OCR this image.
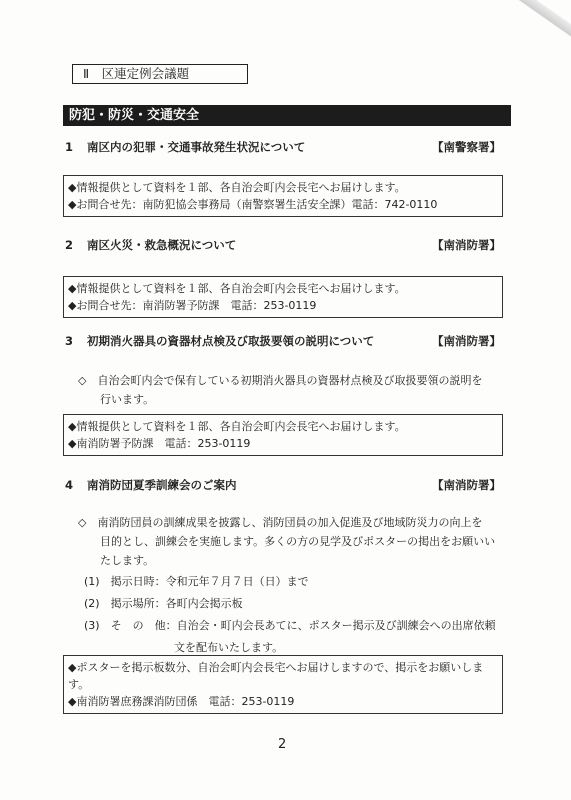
Ⅱ　区連定例会議題
防犯・防災・交通安全
1 南区内の犯罪・交通事故発生状況について	【南警察署】
◆情報提供として資料を１部、各自治会町内会長宅へお届けします。
◆お問合せ先：南防犯協会事務局（南警察署生活安全課）電話：742-0110
2 南区火災・救急概況について	【南消防署】
◆情報提供として資料を１部、各自治会町内会長宅へお届けします。
◆お問合せ先：南消防署予防課　電話：253-0119
3 初期消火器具の資器材点検及び取扱要領の説明について	【南消防署】
◇　自治会町内会で保有している初期消火器具の資器材点検及び取扱要領の説明を
行います。
◆情報提供として資料を１部、各自治会町内会長宅へお届けします。
◆南消防署予防課　電話：253-0119
4 南消防団夏季訓練会のご案内	【南消防署】
◇　南消防団員の訓練成果を披露し、消防団員の加入促進及び地域防災力の向上を
目的とし、訓練会を実施します。多くの方の見学及びポスターの掲出をお願いい
たします。
(1)　掲示日時：令和元年７月７日（日）まで
(2)　掲示場所：各町内会掲示板
(3)　そ　の　他：自治会・町内会長あてに、ポスター掲示及び訓練会への出席依頼
文を配布いたします。
◆ポスターを掲示板数分、自治会町内会長宅へお届けしますので、掲示をお願いします。
◆南消防署庶務課消防団係　電話：253-0119
2
